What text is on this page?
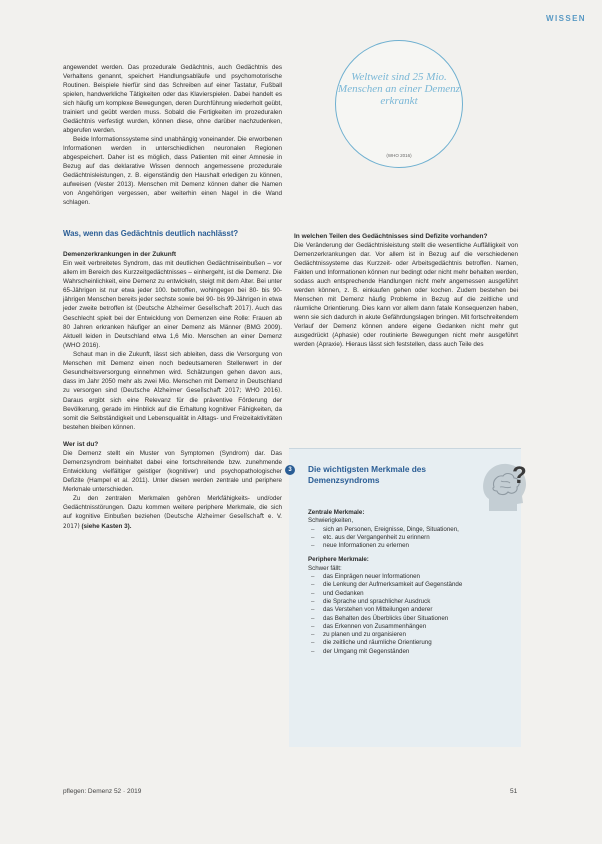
WISSEN

angewendet werden. Das prozedurale Gedächtnis, auch Gedächtnis des Verhaltens genannt, speichert Handlungsabläufe und psychomotorische Routinen. Beispiele hierfür sind das Schreiben auf einer Tastatur, Fußball spielen, handwerkliche Tätigkeiten oder das Klavierspielen. Dabei handelt es sich häufig um komplexe Bewegungen, deren Durchführung wiederholt geübt, trainiert und geübt werden muss. Sobald die Fertigkeiten im prozeduralen Gedächtnis verfestigt wurden, können diese, ohne darüber nachzudenken, abgerufen werden.

Beide Informationssysteme sind unabhängig voneinander. Die erworbenen Informationen werden in unterschiedlichen neuronalen Regionen abgespeichert. Daher ist es möglich, dass Patienten mit einer Amnesie in Bezug auf das deklarative Wissen dennoch angemessene prozedurale Gedächtnisleistungen, z. B. eigenständig den Haushalt erledigen zu können, aufweisen (Vester 2013). Menschen mit Demenz können daher die Namen von Angehörigen vergessen, aber weiterhin einen Nagel in die Wand schlagen.

Was, wenn das Gedächtnis deutlich nachlässt?

Demenzerkrankungen in der Zukunft

Ein weit verbreitetes Syndrom, das mit deutlichen Gedächtniseinbußen – vor allem im Bereich des Kurzzeitgedächtnisses – einhergeht, ist die Demenz. Die Wahrscheinlichkeit, eine Demenz zu entwickeln, steigt mit dem Alter. Bei unter 65-Jährigen ist nur etwa jeder 100. betroffen, wohingegen bei 80- bis 90-jährigen Menschen bereits jeder sechste sowie bei 90- bis 99-Jährigen in etwa jeder zweite betroffen ist (Deutsche Alzheimer Gesellschaft 2017). Auch das Geschlecht spielt bei der Entwicklung von Demenzen eine Rolle: Frauen ab 80 Jahren erkranken häufiger an einer Demenz als Männer (BMG 2009). Aktuell leiden in Deutschland etwa 1,6 Mio. Menschen an einer Demenz (WHO 2016).

Schaut man in die Zukunft, lässt sich ableiten, dass die Versorgung von Menschen mit Demenz einen noch bedeutsameren Stellenwert in der Gesundheitsversorgung einnehmen wird. Schätzungen gehen davon aus, dass im Jahr 2050 mehr als zwei Mio. Menschen mit Demenz in Deutschland zu versorgen sind (Deutsche Alzheimer Gesellschaft 2017; WHO 2016). Daraus ergibt sich eine Relevanz für die präventive Förderung der Bevölkerung, gerade im Hinblick auf die Erhaltung kognitiver Fähigkeiten, da somit die Selbständigkeit und Lebensqualität in Alltags- und Freizeitaktivitäten bestehen bleiben können.

Wer ist du?

Die Demenz stellt ein Muster von Symptomen (Syndrom) dar. Das Demenzsyndrom beinhaltet dabei eine fortschreitende bzw. zunehmende Entwicklung vielfältiger geistiger (kognitiver) und psychopathologischer Defizite (Hampel et al. 2011). Unter diesen werden zentrale und periphere Merkmale unterschieden.

Zu den zentralen Merkmalen gehören Merkfähigkeits- und/oder Gedächtnisstörungen. Dazu kommen weitere periphere Merkmale, die sich auf kognitive Einbußen beziehen (Deutsche Alzheimer Gesellschaft e. V. 2017) (siehe Kasten 3).

Weltweit sind 25 Mio. Menschen an einer Demenz erkrankt
(WHO 2016)

In welchen Teilen des Gedächtnisses sind Defizite vorhanden?

Die Veränderung der Gedächtnisleistung stellt die wesentliche Auffälligkeit von Demenzerkrankungen dar. Vor allem ist in Bezug auf die verschiedenen Gedächtnissysteme das Kurzzeit- oder Arbeitsgedächtnis betroffen. Namen, Fakten und Informationen können nur bedingt oder nicht mehr behalten werden, sodass auch entsprechende Handlungen nicht mehr angemessen ausgeführt werden können, z. B. einkaufen gehen oder kochen. Zudem bestehen bei Menschen mit Demenz häufig Probleme in Bezug auf die zeitliche und räumliche Orientierung. Dies kann vor allem dann fatale Konsequenzen haben, wenn sie sich dadurch in akute Gefährdungslagen bringen. Mit fortschreitendem Verlauf der Demenz können andere eigene Gedanken nicht mehr gut ausgedrückt (Aphasie) oder routinierte Bewegungen nicht mehr ausgeführt werden (Apraxie). Hieraus lässt sich feststellen, dass auch Teile des

3	Die wichtigsten Merkmale des Demenzsyndroms	?
Zentrale Merkmale:
Schwierigkeiten,
– sich an Personen, Ereignisse, Dinge, Situationen,
– etc. aus der Vergangenheit zu erinnern
– neue Informationen zu erlernen
Periphere Merkmale:
Schwer fällt:
– das Einprägen neuer Informationen
– die Lenkung der Aufmerksamkeit auf Gegenstände
– und Gedanken
– die Sprache und sprachlicher Ausdruck
– das Verstehen von Mitteilungen anderer
– das Behalten des Überblicks über Situationen
– das Erkennen von Zusammenhängen
– zu planen und zu organisieren
– die zeitliche und räumliche Orientierung
– der Umgang mit Gegenständen
pflegen: Demenz 52 · 2019	51
